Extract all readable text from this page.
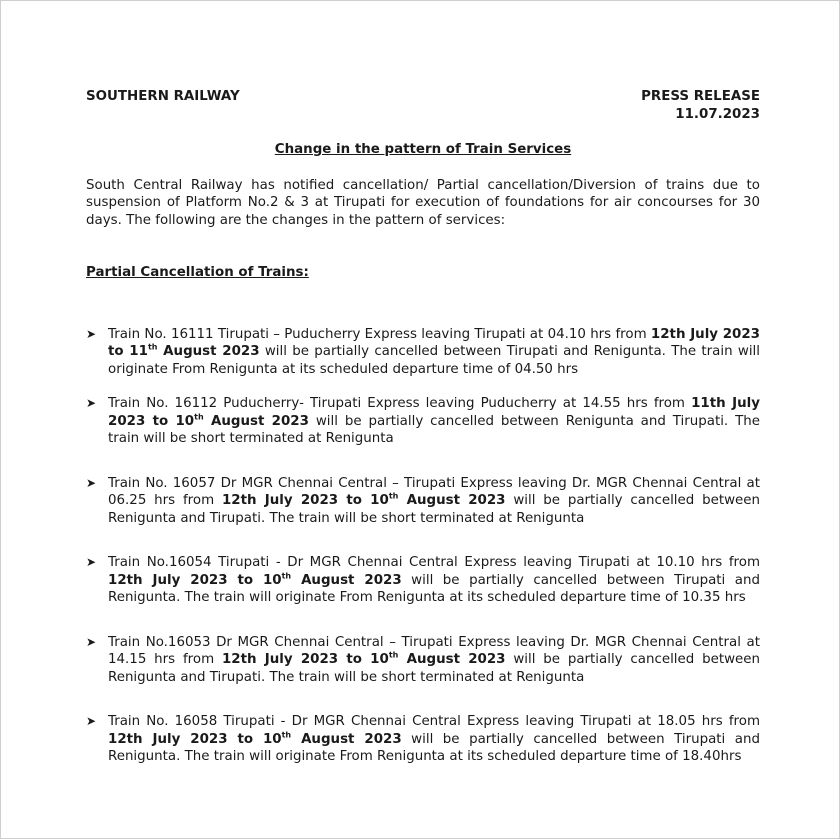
SOUTHERN RAILWAY	PRESS RELEASE
11.07.2023
Change in the pattern of Train Services
South Central Railway has notified cancellation/ Partial cancellation/Diversion of trains due to suspension of Platform No.2 & 3 at Tirupati for execution of foundations for air concourses for 30 days. The following are the changes in the pattern of services:
Partial Cancellation of Trains:
➤ Train No. 16111 Tirupati – Puducherry Express leaving Tirupati at 04.10 hrs from 12th July 2023 to 11th August 2023 will be partially cancelled between Tirupati and Renigunta. The train will originate From Renigunta at its scheduled departure time of 04.50 hrs
➤ Train No. 16112 Puducherry- Tirupati Express leaving Puducherry at 14.55 hrs from 11th July 2023 to 10th August 2023 will be partially cancelled between Renigunta and Tirupati. The train will be short terminated at Renigunta
➤ Train No. 16057 Dr MGR Chennai Central – Tirupati Express leaving Dr. MGR Chennai Central at 06.25 hrs from 12th July 2023 to 10th August 2023 will be partially cancelled between Renigunta and Tirupati. The train will be short terminated at Renigunta
➤ Train No.16054 Tirupati - Dr MGR Chennai Central Express leaving Tirupati at 10.10 hrs from 12th July 2023 to 10th August 2023 will be partially cancelled between Tirupati and Renigunta. The train will originate From Renigunta at its scheduled departure time of 10.35 hrs
➤ Train No.16053 Dr MGR Chennai Central – Tirupati Express leaving Dr. MGR Chennai Central at 14.15 hrs from 12th July 2023 to 10th August 2023 will be partially cancelled between Renigunta and Tirupati. The train will be short terminated at Renigunta
➤ Train No. 16058 Tirupati - Dr MGR Chennai Central Express leaving Tirupati at 18.05 hrs from 12th July 2023 to 10th August 2023 will be partially cancelled between Tirupati and Renigunta. The train will originate From Renigunta at its scheduled departure time of 18.40hrs
